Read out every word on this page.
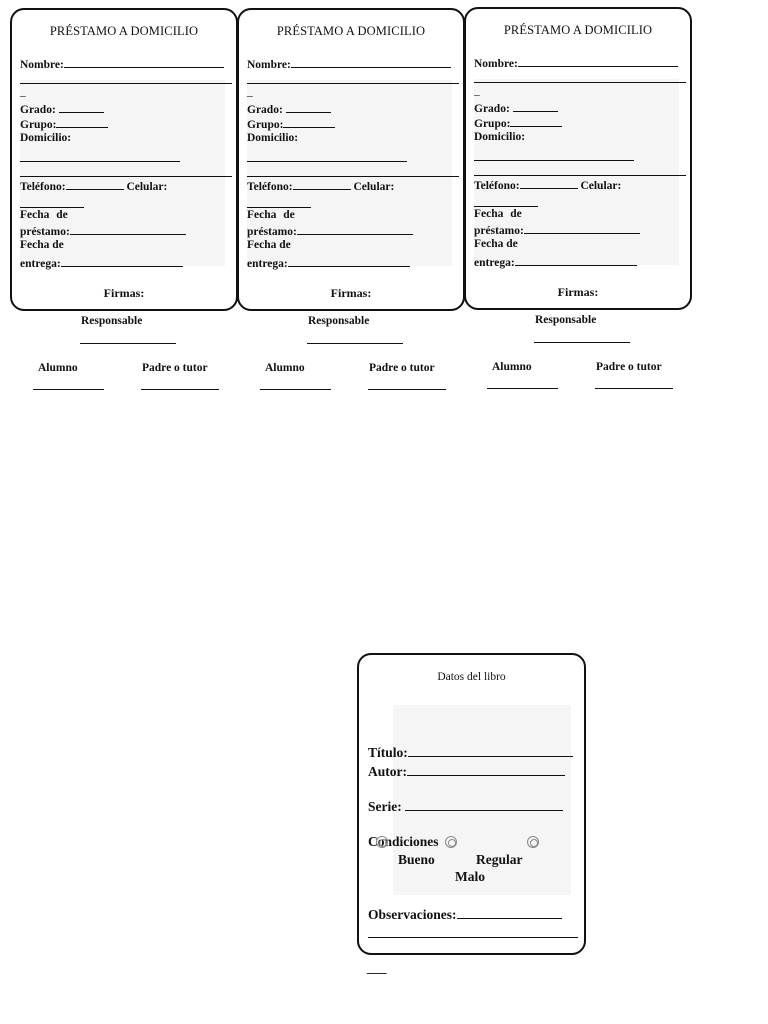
PRÉSTAMO A DOMICILIO
Nombre:
_
Grado:
Grupo:
Domicilio:
Teléfono:	Celular:
Fecha de
préstamo:
Fecha de
entrega:
Firmas:
Responsable
Alumno	Padre o tutor
PRÉSTAMO A DOMICILIO
Nombre:
_
Grado:
Grupo:
Domicilio:
Teléfono:	Celular:
Fecha de
préstamo:
Fecha de
entrega:
Firmas:
Responsable
Alumno	Padre o tutor
PRÉSTAMO A DOMICILIO
Nombre:
_
Grado:
Grupo:
Domicilio:
Teléfono:	Celular:
Fecha de
préstamo:
Fecha de
entrega:
Firmas:
Responsable
Alumno	Padre o tutor
Datos del libro
Título:
Autor:
Serie:
Condiciones
Bueno	Regular
Malo
Observaciones:
___
